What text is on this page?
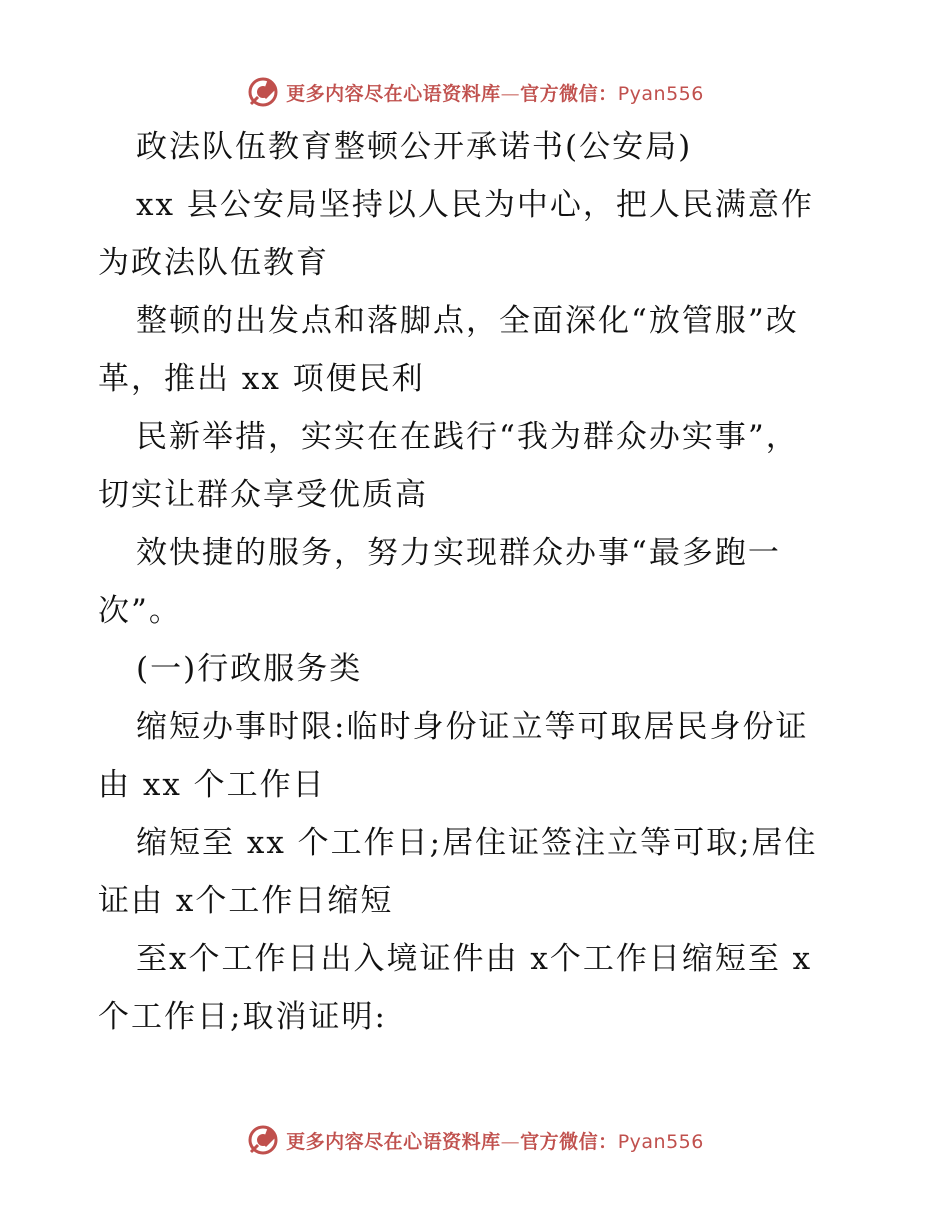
更多内容尽在心语资料库—官方微信：Pyan556
政法队伍教育整顿公开承诺书(公安局)
xx 县公安局坚持以人民为中心，把人民满意作
为政法队伍教育
整顿的出发点和落脚点，全面深化“放管服”改
革，推出 xx 项便民利
民新举措，实实在在践行“我为群众办实事”，
切实让群众享受优质高
效快捷的服务，努力实现群众办事“最多跑一
次”。
(一)行政服务类
缩短办事时限:临时身份证立等可取居民身份证
由 xx 个工作日
缩短至 xx 个工作日;居住证签注立等可取;居住
证由 x个工作日缩短
至x个工作日出入境证件由 x个工作日缩短至 x
个工作日;取消证明:
更多内容尽在心语资料库—官方微信：Pyan556
